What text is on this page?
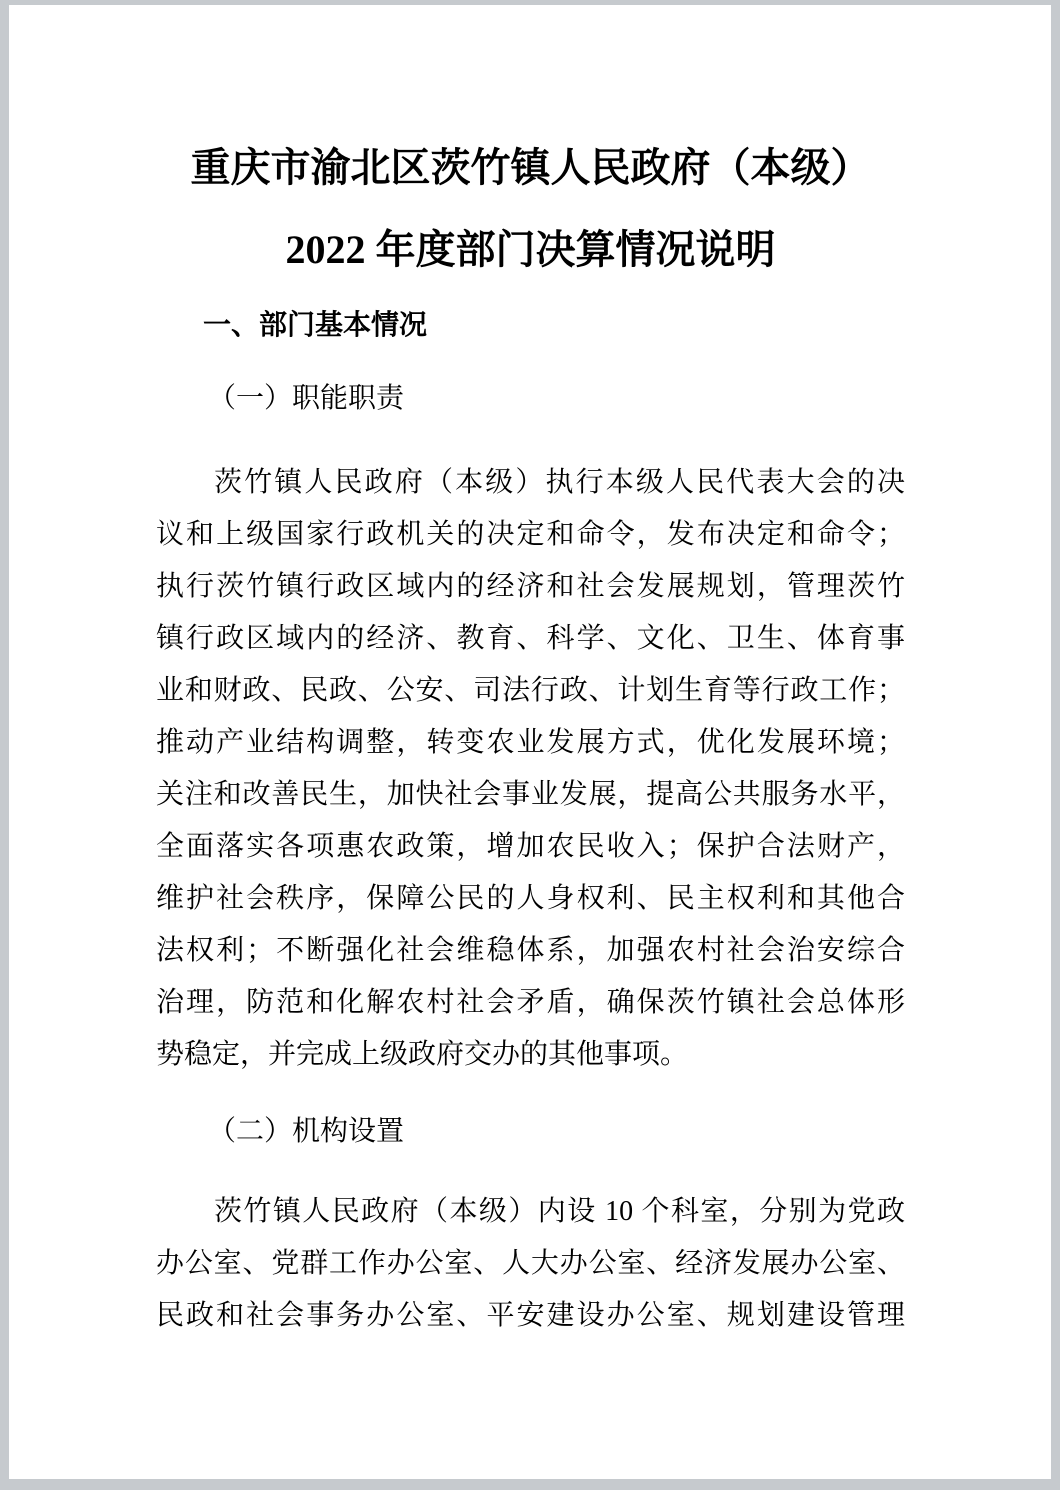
重庆市渝北区茨竹镇人民政府（本级）
2022 年度部门决算情况说明
一、部门基本情况
（一）职能职责
茨竹镇人民政府（本级）执行本级人民代表大会的决
议和上级国家行政机关的决定和命令，发布决定和命令；
执行茨竹镇行政区域内的经济和社会发展规划，管理茨竹
镇行政区域内的经济、教育、科学、文化、卫生、体育事
业和财政、民政、公安、司法行政、计划生育等行政工作；
推动产业结构调整，转变农业发展方式，优化发展环境；
关注和改善民生，加快社会事业发展，提高公共服务水平，
全面落实各项惠农政策，增加农民收入；保护合法财产，
维护社会秩序，保障公民的人身权利、民主权利和其他合
法权利；不断强化社会维稳体系，加强农村社会治安综合
治理，防范和化解农村社会矛盾，确保茨竹镇社会总体形
势稳定，并完成上级政府交办的其他事项。
（二）机构设置
茨竹镇人民政府（本级）内设 10 个科室，分别为党政
办公室、党群工作办公室、人大办公室、经济发展办公室、
民政和社会事务办公室、平安建设办公室、规划建设管理
